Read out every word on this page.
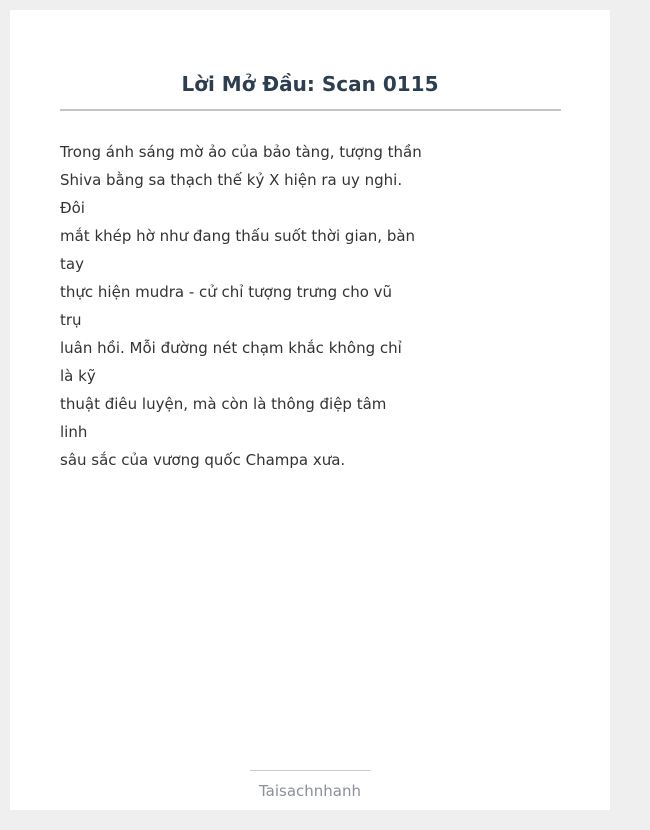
Lời Mở Đầu: Scan 0115
Trong ánh sáng mờ ảo của bảo tàng, tượng thần
Shiva bằng sa thạch thế kỷ X hiện ra uy nghi.
Đôi
mắt khép hờ như đang thấu suốt thời gian, bàn
tay
thực hiện mudra - cử chỉ tượng trưng cho vũ
trụ
luân hồi. Mỗi đường nét chạm khắc không chỉ
là kỹ
thuật điêu luyện, mà còn là thông điệp tâm
linh
sâu sắc của vương quốc Champa xưa.
Taisachnhanh
